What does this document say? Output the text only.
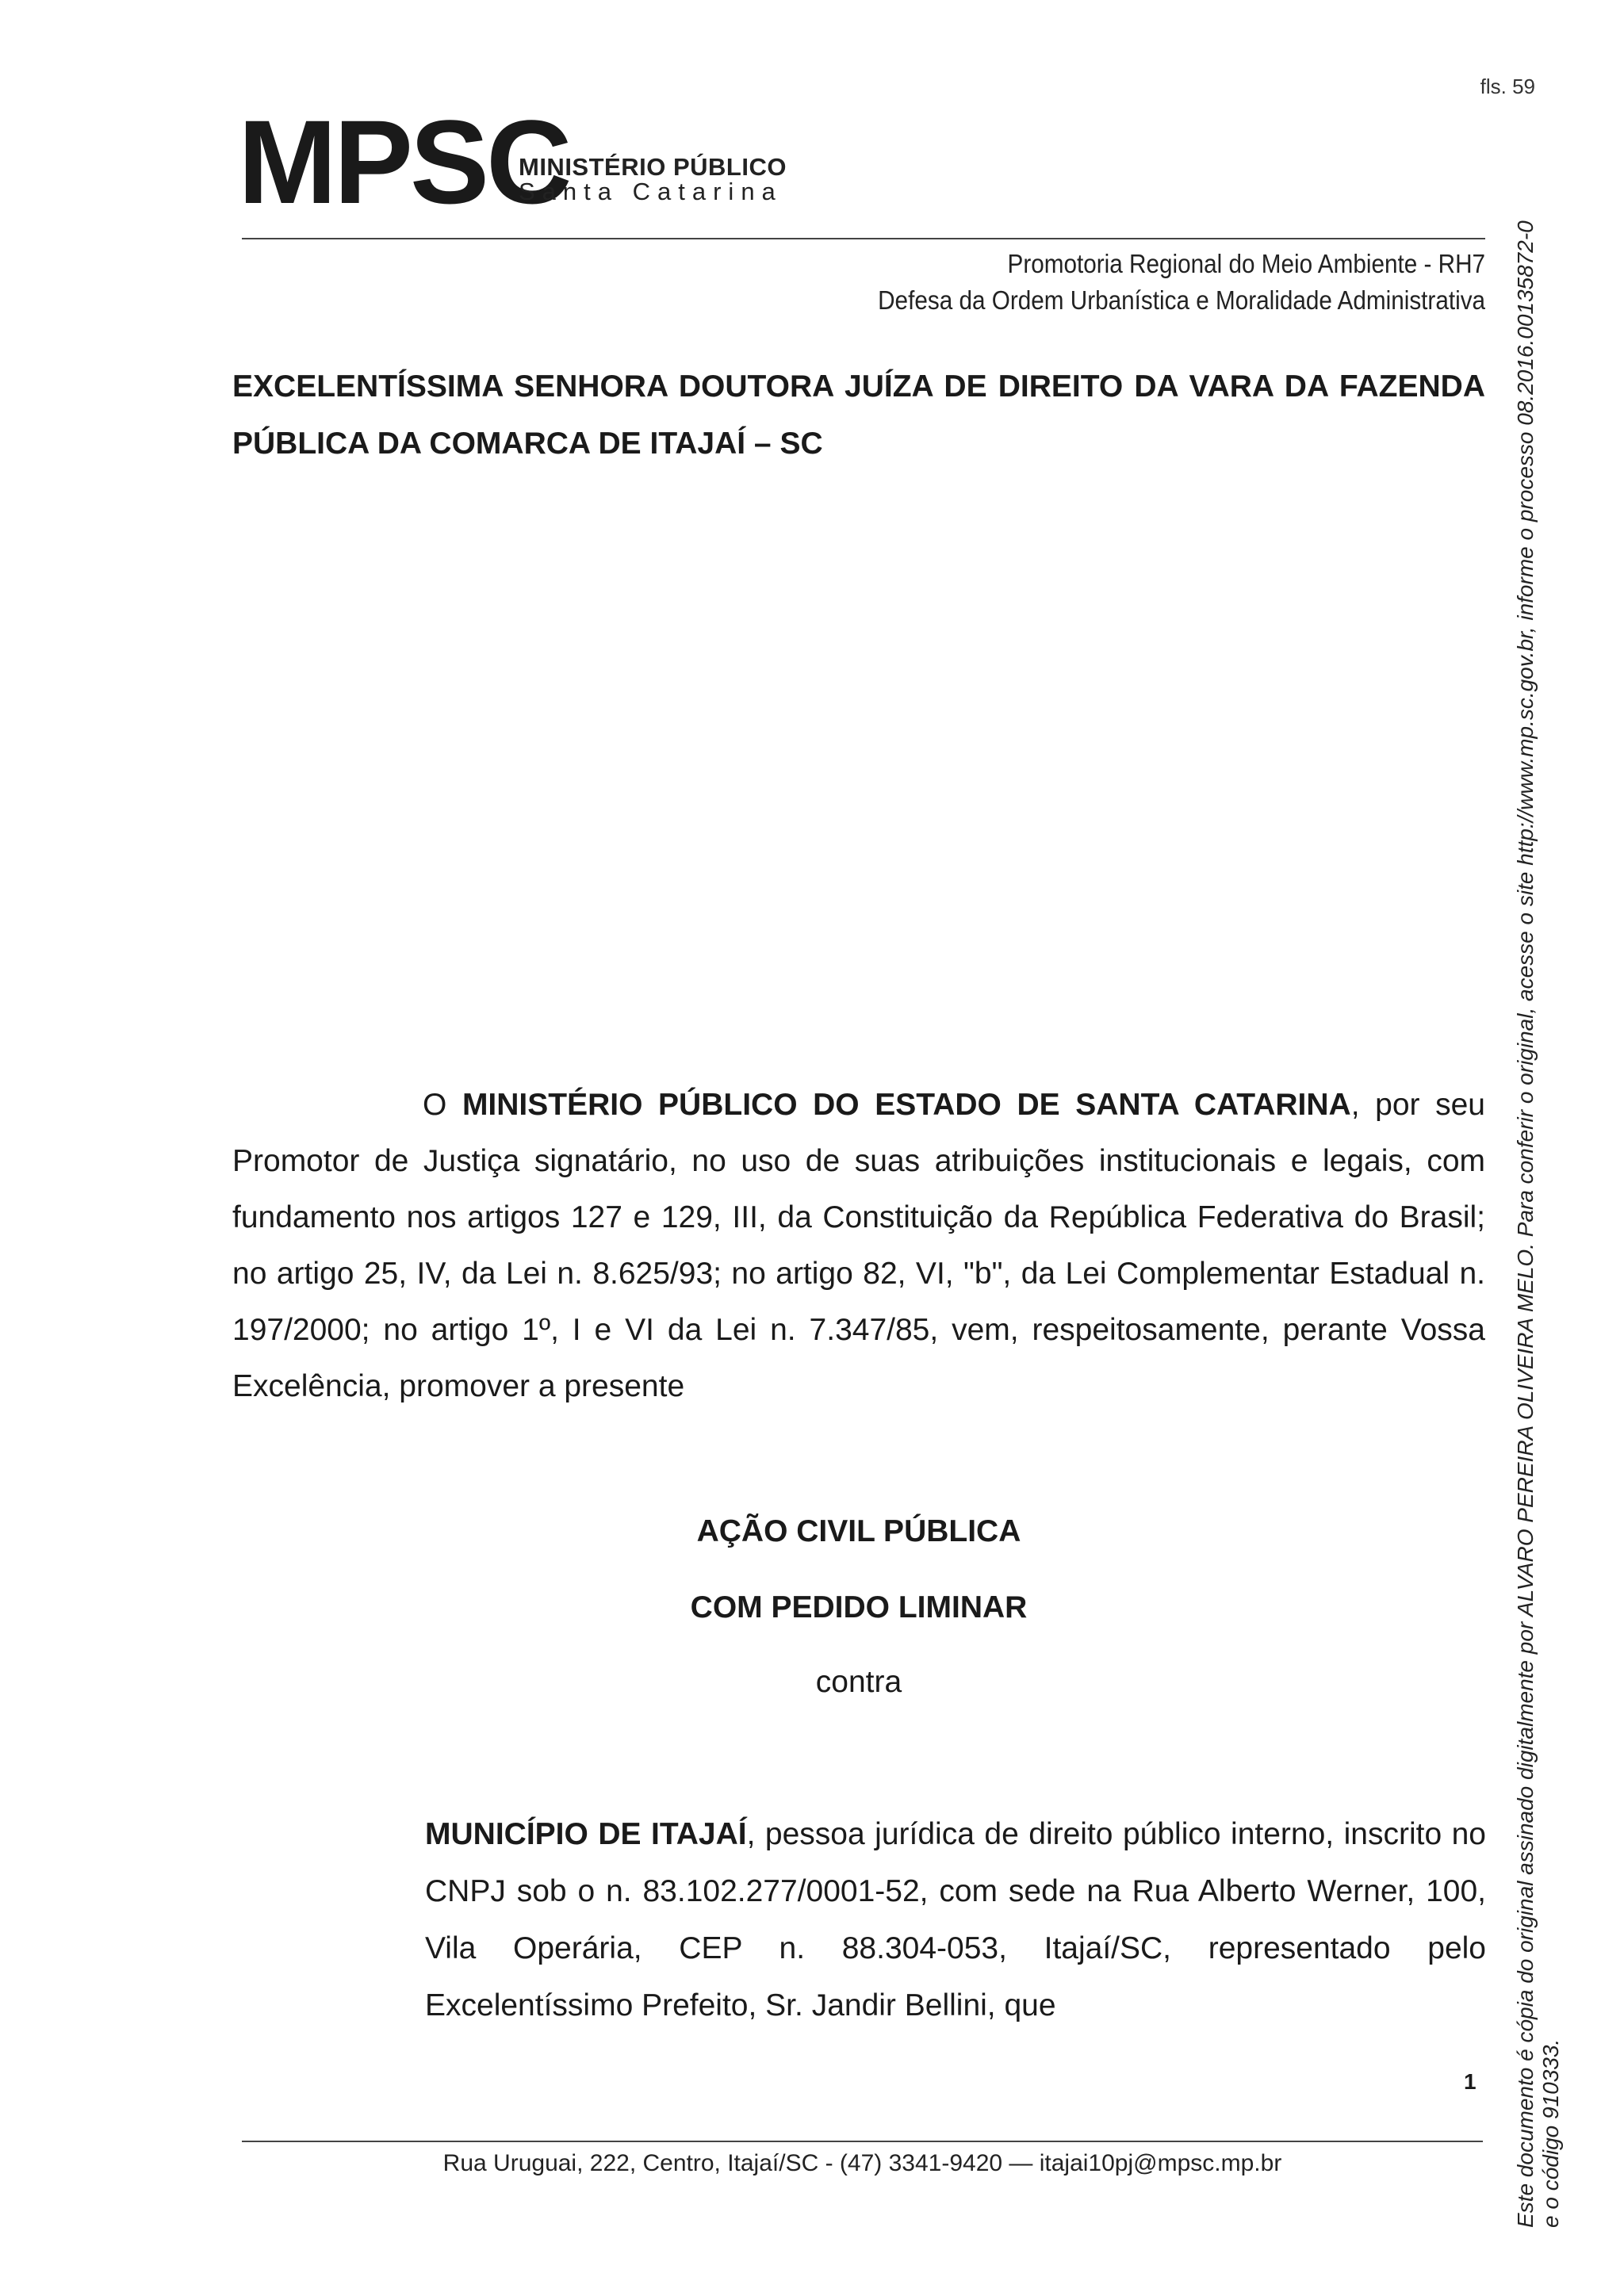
fls. 59
MPSC
MINISTÉRIO PÚBLICO
Santa Catarina
Promotoria Regional do Meio Ambiente - RH7
Defesa da Ordem Urbanística e Moralidade Administrativa
EXCELENTÍSSIMA SENHORA DOUTORA JUÍZA DE DIREITO DA VARA DA FAZENDA PÚBLICA DA COMARCA DE ITAJAÍ – SC
O MINISTÉRIO PÚBLICO DO ESTADO DE SANTA CATARINA, por seu Promotor de Justiça signatário, no uso de suas atribuições institucionais e legais, com fundamento nos artigos 127 e 129, III, da Constituição da República Federativa do Brasil; no artigo 25, IV, da Lei n. 8.625/93; no artigo 82, VI, "b", da Lei Complementar Estadual n. 197/2000; no artigo 1º, I e VI da Lei n. 7.347/85, vem, respeitosamente, perante Vossa Excelência, promover a presente
AÇÃO CIVIL PÚBLICA
COM PEDIDO LIMINAR
contra
MUNICÍPIO DE ITAJAÍ, pessoa jurídica de direito público interno, inscrito no CNPJ sob o n. 83.102.277/0001-52, com sede na Rua Alberto Werner, 100, Vila Operária, CEP n. 88.304-053, Itajaí/SC, representado pelo Excelentíssimo Prefeito, Sr. Jandir Bellini, que
1
Rua Uruguai, 222, Centro, Itajaí/SC - (47) 3341-9420 — itajai10pj@mpsc.mp.br	Este documento é cópia do original assinado digitalmente por ALVARO PEREIRA OLIVEIRA MELO. Para conferir o original, acesse o site http://www.mp.sc.gov.br, informe o processo 08.2016.00135872-0 e o código 910333.
